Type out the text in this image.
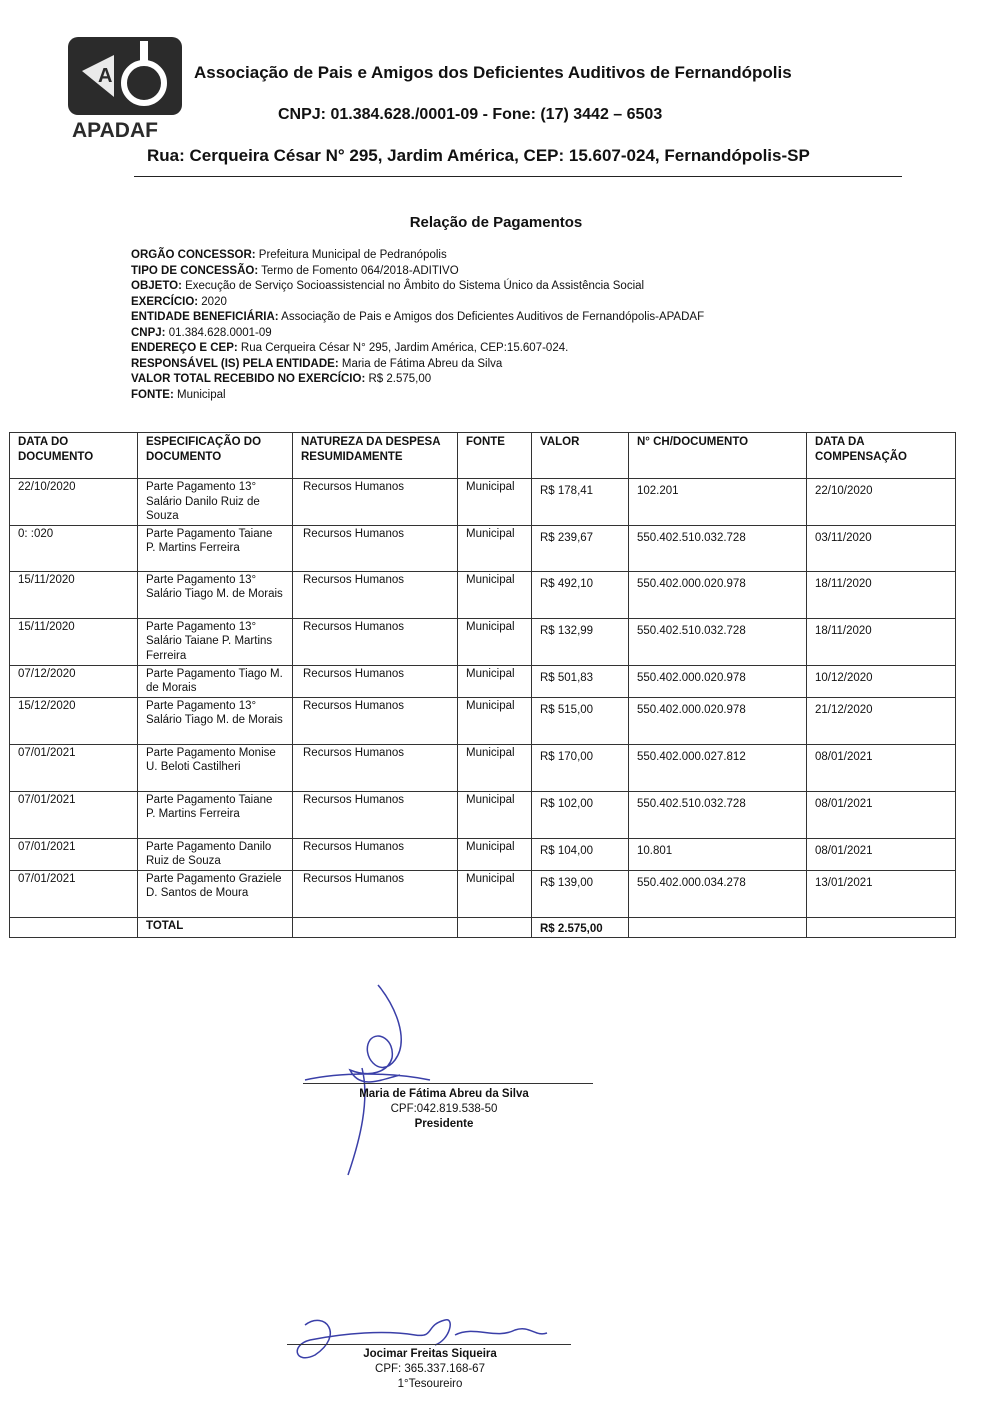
A
APADAF
Associação de Pais e Amigos dos Deficientes Auditivos de Fernandópolis
CNPJ: 01.384.628./0001-09 - Fone: (17) 3442 – 6503
Rua: Cerqueira César N° 295, Jardim América, CEP: 15.607-024, Fernandópolis-SP
Relação de Pagamentos
ORGÃO CONCESSOR: Prefeitura Municipal de Pedranópolis
TIPO DE CONCESSÃO: Termo de Fomento 064/2018-ADITIVO
OBJETO: Execução de Serviço Socioassistencial no Âmbito do Sistema Único da Assistência Social
EXERCÍCIO: 2020
ENTIDADE BENEFICIÁRIA: Associação de Pais e Amigos dos Deficientes Auditivos de Fernandópolis-APADAF
CNPJ: 01.384.628.0001-09
ENDEREÇO E CEP: Rua Cerqueira César N° 295, Jardim América, CEP:15.607-024.
RESPONSÁVEL (IS) PELA ENTIDADE: Maria de Fátima Abreu da Silva
VALOR TOTAL RECEBIDO NO EXERCÍCIO: R$ 2.575,00
FONTE: Municipal
DATA DO DOCUMENTO	ESPECIFICAÇÃO DO DOCUMENTO	NATUREZA DA DESPESA RESUMIDAMENTE	FONTE	VALOR	N° CH/DOCUMENTO	DATA DA COMPENSAÇÃO
22/10/2020	Parte Pagamento 13° Salário Danilo Ruiz de Souza	Recursos Humanos	Municipal	R$ 178,41	102.201	22/10/2020
0: :020	Parte Pagamento Taiane P. Martins Ferreira	Recursos Humanos	Municipal	R$ 239,67	550.402.510.032.728	03/11/2020
15/11/2020	Parte Pagamento 13° Salário Tiago M. de Morais	Recursos Humanos	Municipal	R$ 492,10	550.402.000.020.978	18/11/2020
15/11/2020	Parte Pagamento 13° Salário Taiane P. Martins Ferreira	Recursos Humanos	Municipal	R$ 132,99	550.402.510.032.728	18/11/2020
07/12/2020	Parte Pagamento Tiago M. de Morais	Recursos Humanos	Municipal	R$ 501,83	550.402.000.020.978	10/12/2020
15/12/2020	Parte Pagamento 13° Salário Tiago M. de Morais	Recursos Humanos	Municipal	R$ 515,00	550.402.000.020.978	21/12/2020
07/01/2021	Parte Pagamento Monise U. Beloti Castilheri	Recursos Humanos	Municipal	R$ 170,00	550.402.000.027.812	08/01/2021
07/01/2021	Parte Pagamento Taiane P. Martins Ferreira	Recursos Humanos	Municipal	R$ 102,00	550.402.510.032.728	08/01/2021
07/01/2021	Parte Pagamento Danilo Ruiz de Souza	Recursos Humanos	Municipal	R$ 104,00	10.801	08/01/2021
07/01/2021	Parte Pagamento Graziele D. Santos de Moura	Recursos Humanos	Municipal	R$ 139,00	550.402.000.034.278	13/01/2021
	TOTAL			R$ 2.575,00		
Maria de Fátima Abreu da Silva
CPF:042.819.538-50
Presidente
Jocimar Freitas Siqueira
CPF: 365.337.168-67
1°Tesoureiro
